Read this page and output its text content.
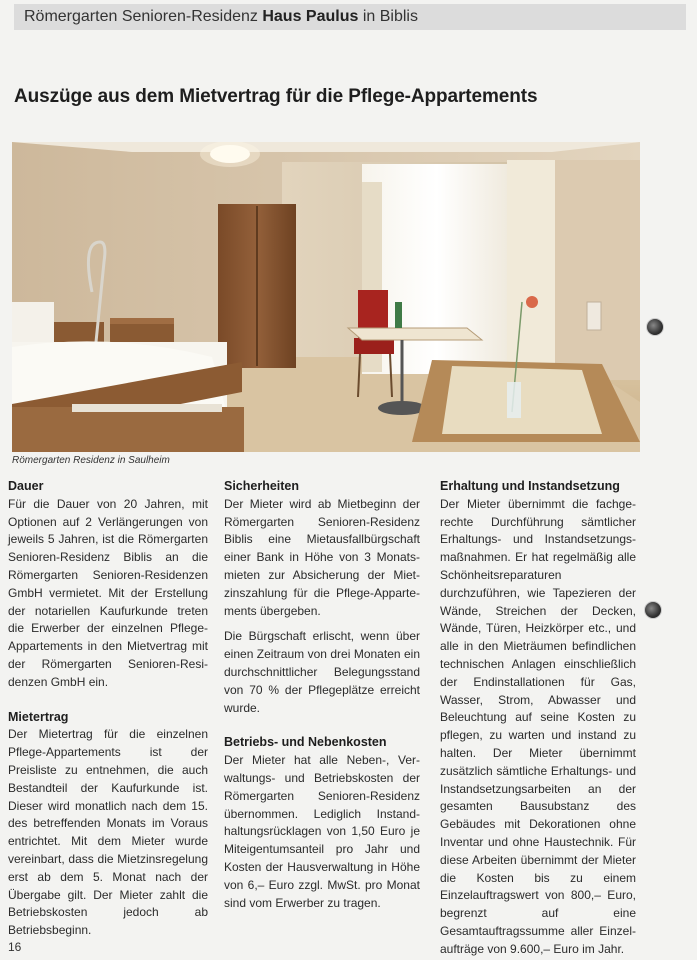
Römergarten Senioren-Residenz Haus Paulus in Biblis
Auszüge aus dem Mietvertrag für die Pflege-Appartements
Römergarten Residenz in Saulheim
Dauer

Für die Dauer von 20 Jahren, mit Optionen auf 2 Verlängerungen von jeweils 5 Jahren, ist die Römergarten Senioren-Residenz Biblis an die Römergarten Senioren-Residenzen GmbH vermietet. Mit der Erstellung der notariellen Kaufurkunde treten die Erwerber der einzelnen Pflege-Appartements in den Mietvertrag mit der Römergarten Senioren-Residenzen GmbH ein.

Mietertrag

Der Mietertrag für die einzelnen Pflege-Appartements ist der Preisliste zu entnehmen, die auch Bestandteil der Kaufurkunde ist. Dieser wird monatlich nach dem 15. des betreffenden Monats im Voraus entrichtet. Mit dem Mieter wurde vereinbart, dass die Mietzinsregelung erst ab dem 5. Monat nach der Übergabe gilt. Der Mieter zahlt die Betriebskosten jedoch ab Betriebsbeginn.

Sicherheiten

Der Mieter wird ab Mietbeginn der Römergarten Senioren-Residenz Biblis eine Mietausfallbürgschaft einer Bank in Höhe von 3 Monatsmieten zur Absicherung der Mietzinszahlung für die Pflege-Appartements übergeben.

Die Bürgschaft erlischt, wenn über einen Zeitraum von drei Monaten ein durchschnittlicher Belegungsstand von 70 % der Pflegeplätze erreicht wurde.

Betriebs- und Nebenkosten

Der Mieter hat alle Neben-, Verwaltungs- und Betriebskosten der Römergarten Senioren-Residenz übernommen. Lediglich Instandhaltungsrücklagen von 1,50 Euro je Miteigentumsanteil pro Jahr und Kosten der Hausverwaltung in Höhe von 6,– Euro zzgl. MwSt. pro Monat sind vom Erwerber zu tragen.

Erhaltung und Instandsetzung

Der Mieter übernimmt die fachgerechte Durchführung sämtlicher Erhaltungs- und Instandsetzungsmaßnahmen. Er hat regelmäßig alle Schönheitsreparaturen durchzuführen, wie Tapezieren der Wände, Streichen der Decken, Wände, Türen, Heizkörper etc., und alle in den Mieträumen befindlichen technischen Anlagen einschließlich der Endinstallationen für Gas, Wasser, Strom, Abwasser und Beleuchtung auf seine Kosten zu pflegen, zu warten und instand zu halten. Der Mieter übernimmt zusätzlich sämtliche Erhaltungs- und Instandsetzungsarbeiten an der gesamten Bausubstanz des Gebäudes mit Dekorationen ohne Inventar und ohne Haustechnik. Für diese Arbeiten übernimmt der Mieter die Kosten bis zu einem Einzelauftragswert von 800,– Euro, begrenzt auf eine Gesamtauftragssumme aller Einzelaufträge von 9.600,– Euro im Jahr.

16
